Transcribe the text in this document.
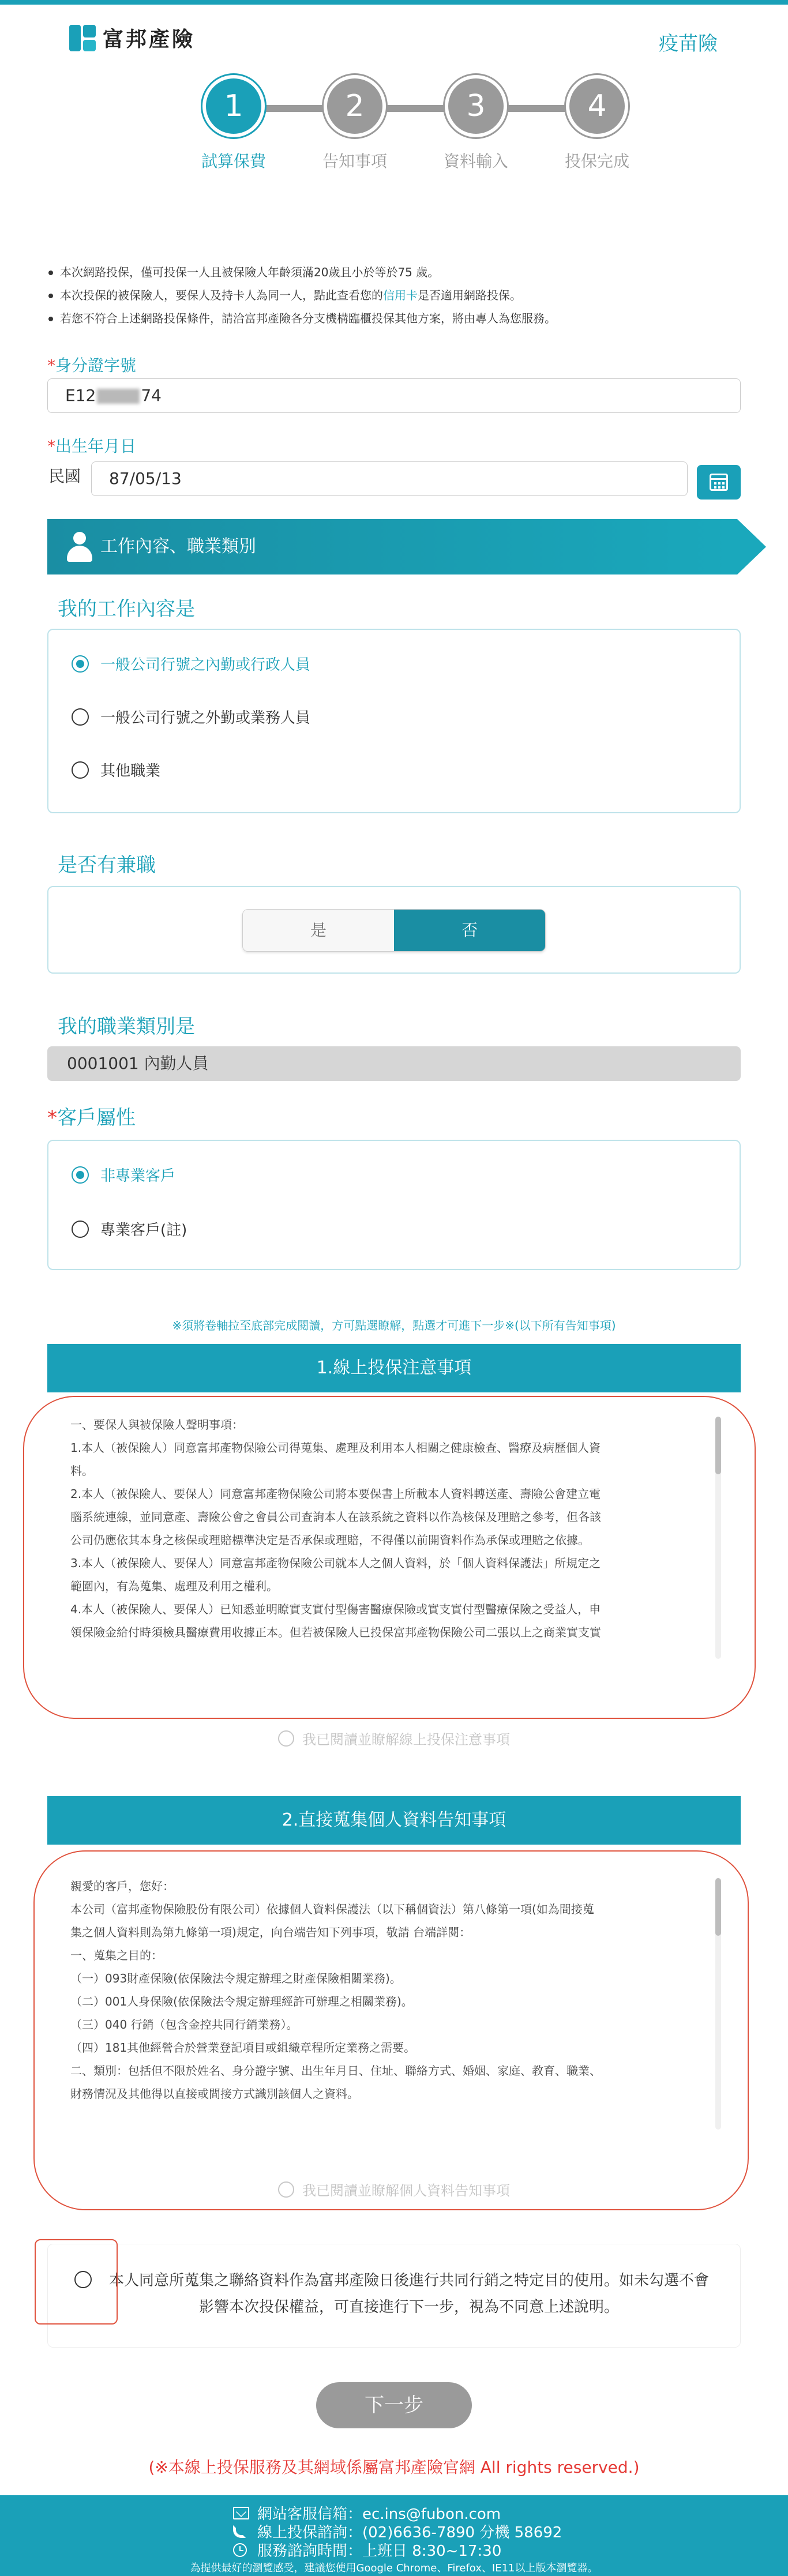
富邦產險	疫苗險
1
試算保費
2
告知事項
3
資料輸入
4
投保完成
本次網路投保，僅可投保一人且被保險人年齡須滿20歲且小於等於75 歲。
本次投保的被保險人，要保人及持卡人為同一人，點此查看您的信用卡是否適用網路投保。
若您不符合上述網路投保條件，請洽富邦產險各分支機構臨櫃投保其他方案，將由專人為您服務。
*身分證字號
E12	74
*出生年月日
民國	87/05/13
工作內容、職業類別
我的工作內容是
一般公司行號之內勤或行政人員
一般公司行號之外勤或業務人員
其他職業
是否有兼職
是	否
我的職業類別是
0001001 內勤人員
*客戶屬性
非專業客戶
專業客戶(註)
※須將卷軸拉至底部完成閱讀，方可點選瞭解，點選才可進下一步※(以下所有告知事項)
1.線上投保注意事項
一、要保人與被保險人聲明事項：
1.本人（被保險人）同意富邦產物保險公司得蒐集、處理及利用本人相關之健康檢查、醫療及病歷個人資
料。
2.本人（被保險人、要保人）同意富邦產物保險公司將本要保書上所載本人資料轉送產、壽險公會建立電
腦系統連線，並同意產、壽險公會之會員公司查詢本人在該系統之資料以作為核保及理賠之參考，但各該
公司仍應依其本身之核保或理賠標準決定是否承保或理賠，不得僅以前開資料作為承保或理賠之依據。
3.本人（被保險人、要保人）同意富邦產物保險公司就本人之個人資料，於「個人資料保護法」所規定之
範圍內，有為蒐集、處理及利用之權利。
4.本人（被保險人、要保人）已知悉並明瞭實支實付型傷害醫療保險或實支實付型醫療保險之受益人，申
領保險金給付時須檢具醫療費用收據正本。但若被保險人已投保富邦產物保險公司二張以上之商業實支實
我已閱讀並瞭解線上投保注意事項
2.直接蒐集個人資料告知事項
親愛的客戶，您好：
本公司（富邦產物保險股份有限公司）依據個人資料保護法（以下稱個資法）第八條第一項(如為間接蒐
集之個人資料則為第九條第一項)規定，向台端告知下列事項，敬請 台端詳閱：
一、蒐集之目的：
（一）093財產保險(依保險法令規定辦理之財產保險相關業務)。
（二）001人身保險(依保險法令規定辦理經許可辦理之相關業務)。
（三）040 行銷（包含金控共同行銷業務）。
（四）181其他經營合於營業登記項目或組織章程所定業務之需要。
二、類別：包括但不限於姓名、身分證字號、出生年月日、住址、聯絡方式、婚姻、家庭、教育、職業、
財務情況及其他得以直接或間接方式識別該個人之資料。
我已閱讀並瞭解個人資料告知事項
本人同意所蒐集之聯絡資料作為富邦產險日後進行共同行銷之特定目的使用。如未勾選不會影響本次投保權益，可直接進行下一步，視為不同意上述說明。
下一步
(※本線上投保服務及其網域係屬富邦產險官網 All rights reserved.)
網站客服信箱：ec.ins@fubon.com
線上投保諮詢：(02)6636-7890 分機 58692
服務諮詢時間：上班日 8:30~17:30
為提供最好的瀏覽感受，建議您使用Google Chrome、Firefox、IE11以上版本瀏覽器。
